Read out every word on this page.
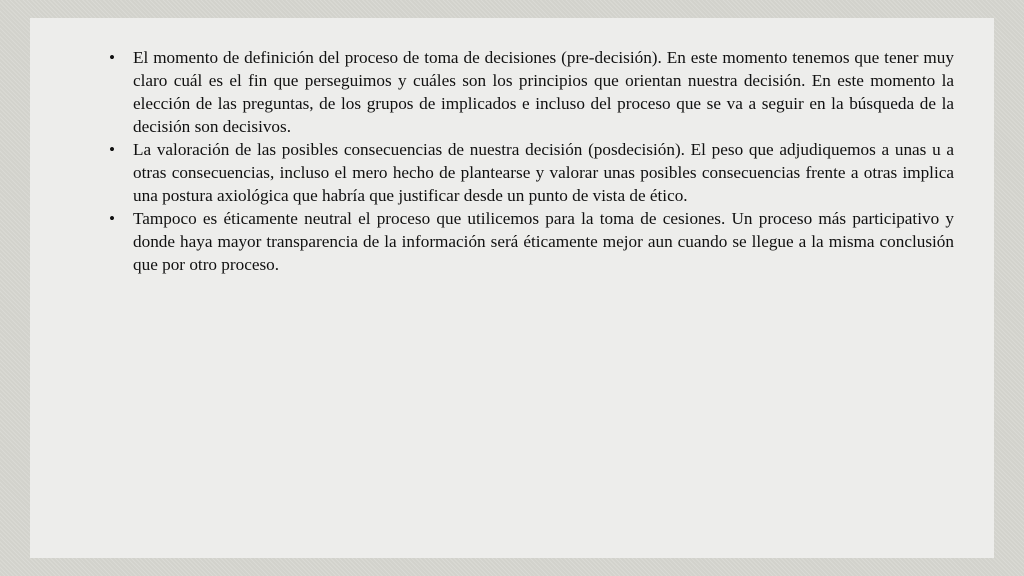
•	El momento de definición del proceso de toma de decisiones (pre-decisión). En este momento tenemos que tener muy claro cuál es el fin que perseguimos y cuáles son los principios que orientan nuestra decisión. En este momento la elección de las preguntas, de los grupos de implicados e incluso del proceso que se va a seguir en la búsqueda de la decisión son decisivos.
•	La valoración de las posibles consecuencias de nuestra decisión (posdecisión). El peso que adjudiquemos a unas u a otras consecuencias, incluso el mero hecho de plantearse y valorar unas posibles consecuencias frente a otras implica una postura axiológica que habría que justificar desde un punto de vista de ético.
•	Tampoco es éticamente neutral el proceso que utilicemos para la toma de cesiones. Un proceso más participativo y donde haya mayor transparencia de la información será éticamente mejor aun cuando se llegue a la misma conclusión que por otro proceso.
